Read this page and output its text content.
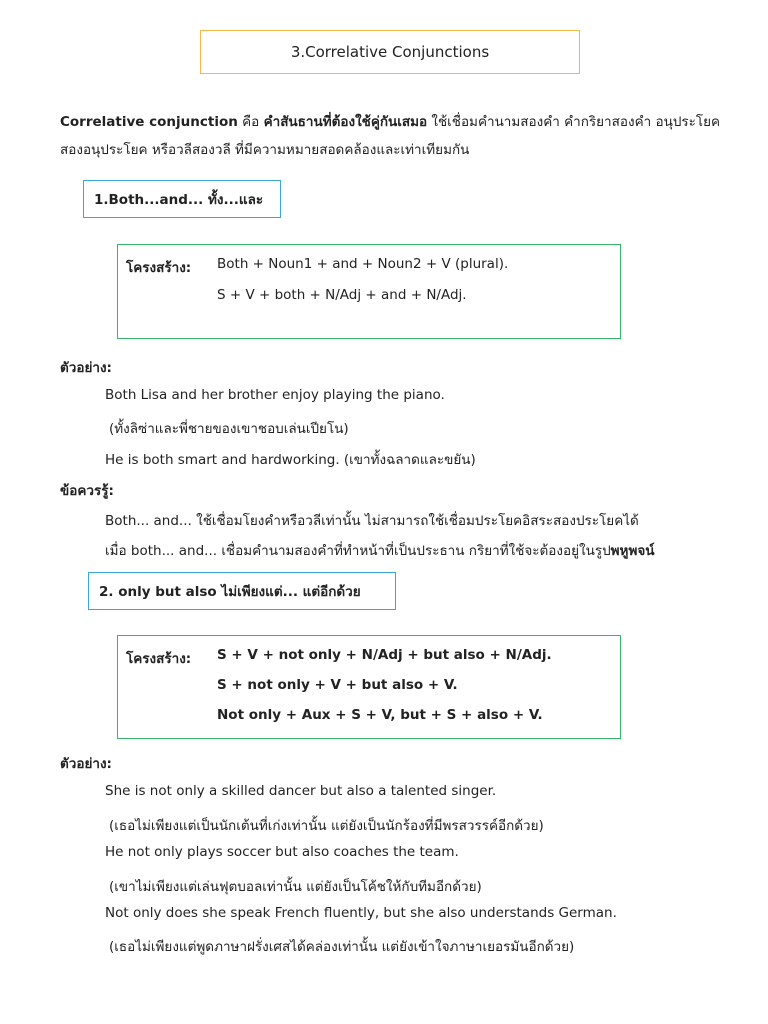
3.Correlative Conjunctions
Correlative conjunction คือ คำสันธานที่ต้องใช้คู่กันเสมอ ใช้เชื่อมคำนามสองคำ คำกริยาสองคำ อนุประโยค
สองอนุประโยค หรือวลีสองวลี ที่มีความหมายสอดคล้องและเท่าเทียมกัน
1.Both...and... ทั้ง...และ
โครงสร้าง: Both + Noun1 + and + Noun2 + V (plural).
S + V + both + N/Adj + and + N/Adj.
ตัวอย่าง:
Both Lisa and her brother enjoy playing the piano.
(ทั้งลิซ่าและพี่ชายของเขาชอบเล่นเปียโน)
He is both smart and hardworking. (เขาทั้งฉลาดและขยัน)
ข้อควรรู้:
Both... and... ใช้เชื่อมโยงคำหรือวลีเท่านั้น ไม่สามารถใช้เชื่อมประโยคอิสระสองประโยคได้
เมื่อ both... and... เชื่อมคำนามสองคำที่ทำหน้าที่เป็นประธาน กริยาที่ใช้จะต้องอยู่ในรูปพหูพจน์
2. only but also ไม่เพียงแต่... แต่อีกด้วย
โครงสร้าง: S + V + not only + N/Adj + but also + N/Adj.
S + not only + V + but also + V.
Not only + Aux + S + V, but + S + also + V.
ตัวอย่าง:
She is not only a skilled dancer but also a talented singer.
(เธอไม่เพียงแต่เป็นนักเต้นที่เก่งเท่านั้น แต่ยังเป็นนักร้องที่มีพรสวรรค์อีกด้วย)
He not only plays soccer but also coaches the team.
(เขาไม่เพียงแต่เล่นฟุตบอลเท่านั้น แต่ยังเป็นโค้ชให้กับทีมอีกด้วย)
Not only does she speak French fluently, but she also understands German.
(เธอไม่เพียงแต่พูดภาษาฝรั่งเศสได้คล่องเท่านั้น แต่ยังเข้าใจภาษาเยอรมันอีกด้วย)
